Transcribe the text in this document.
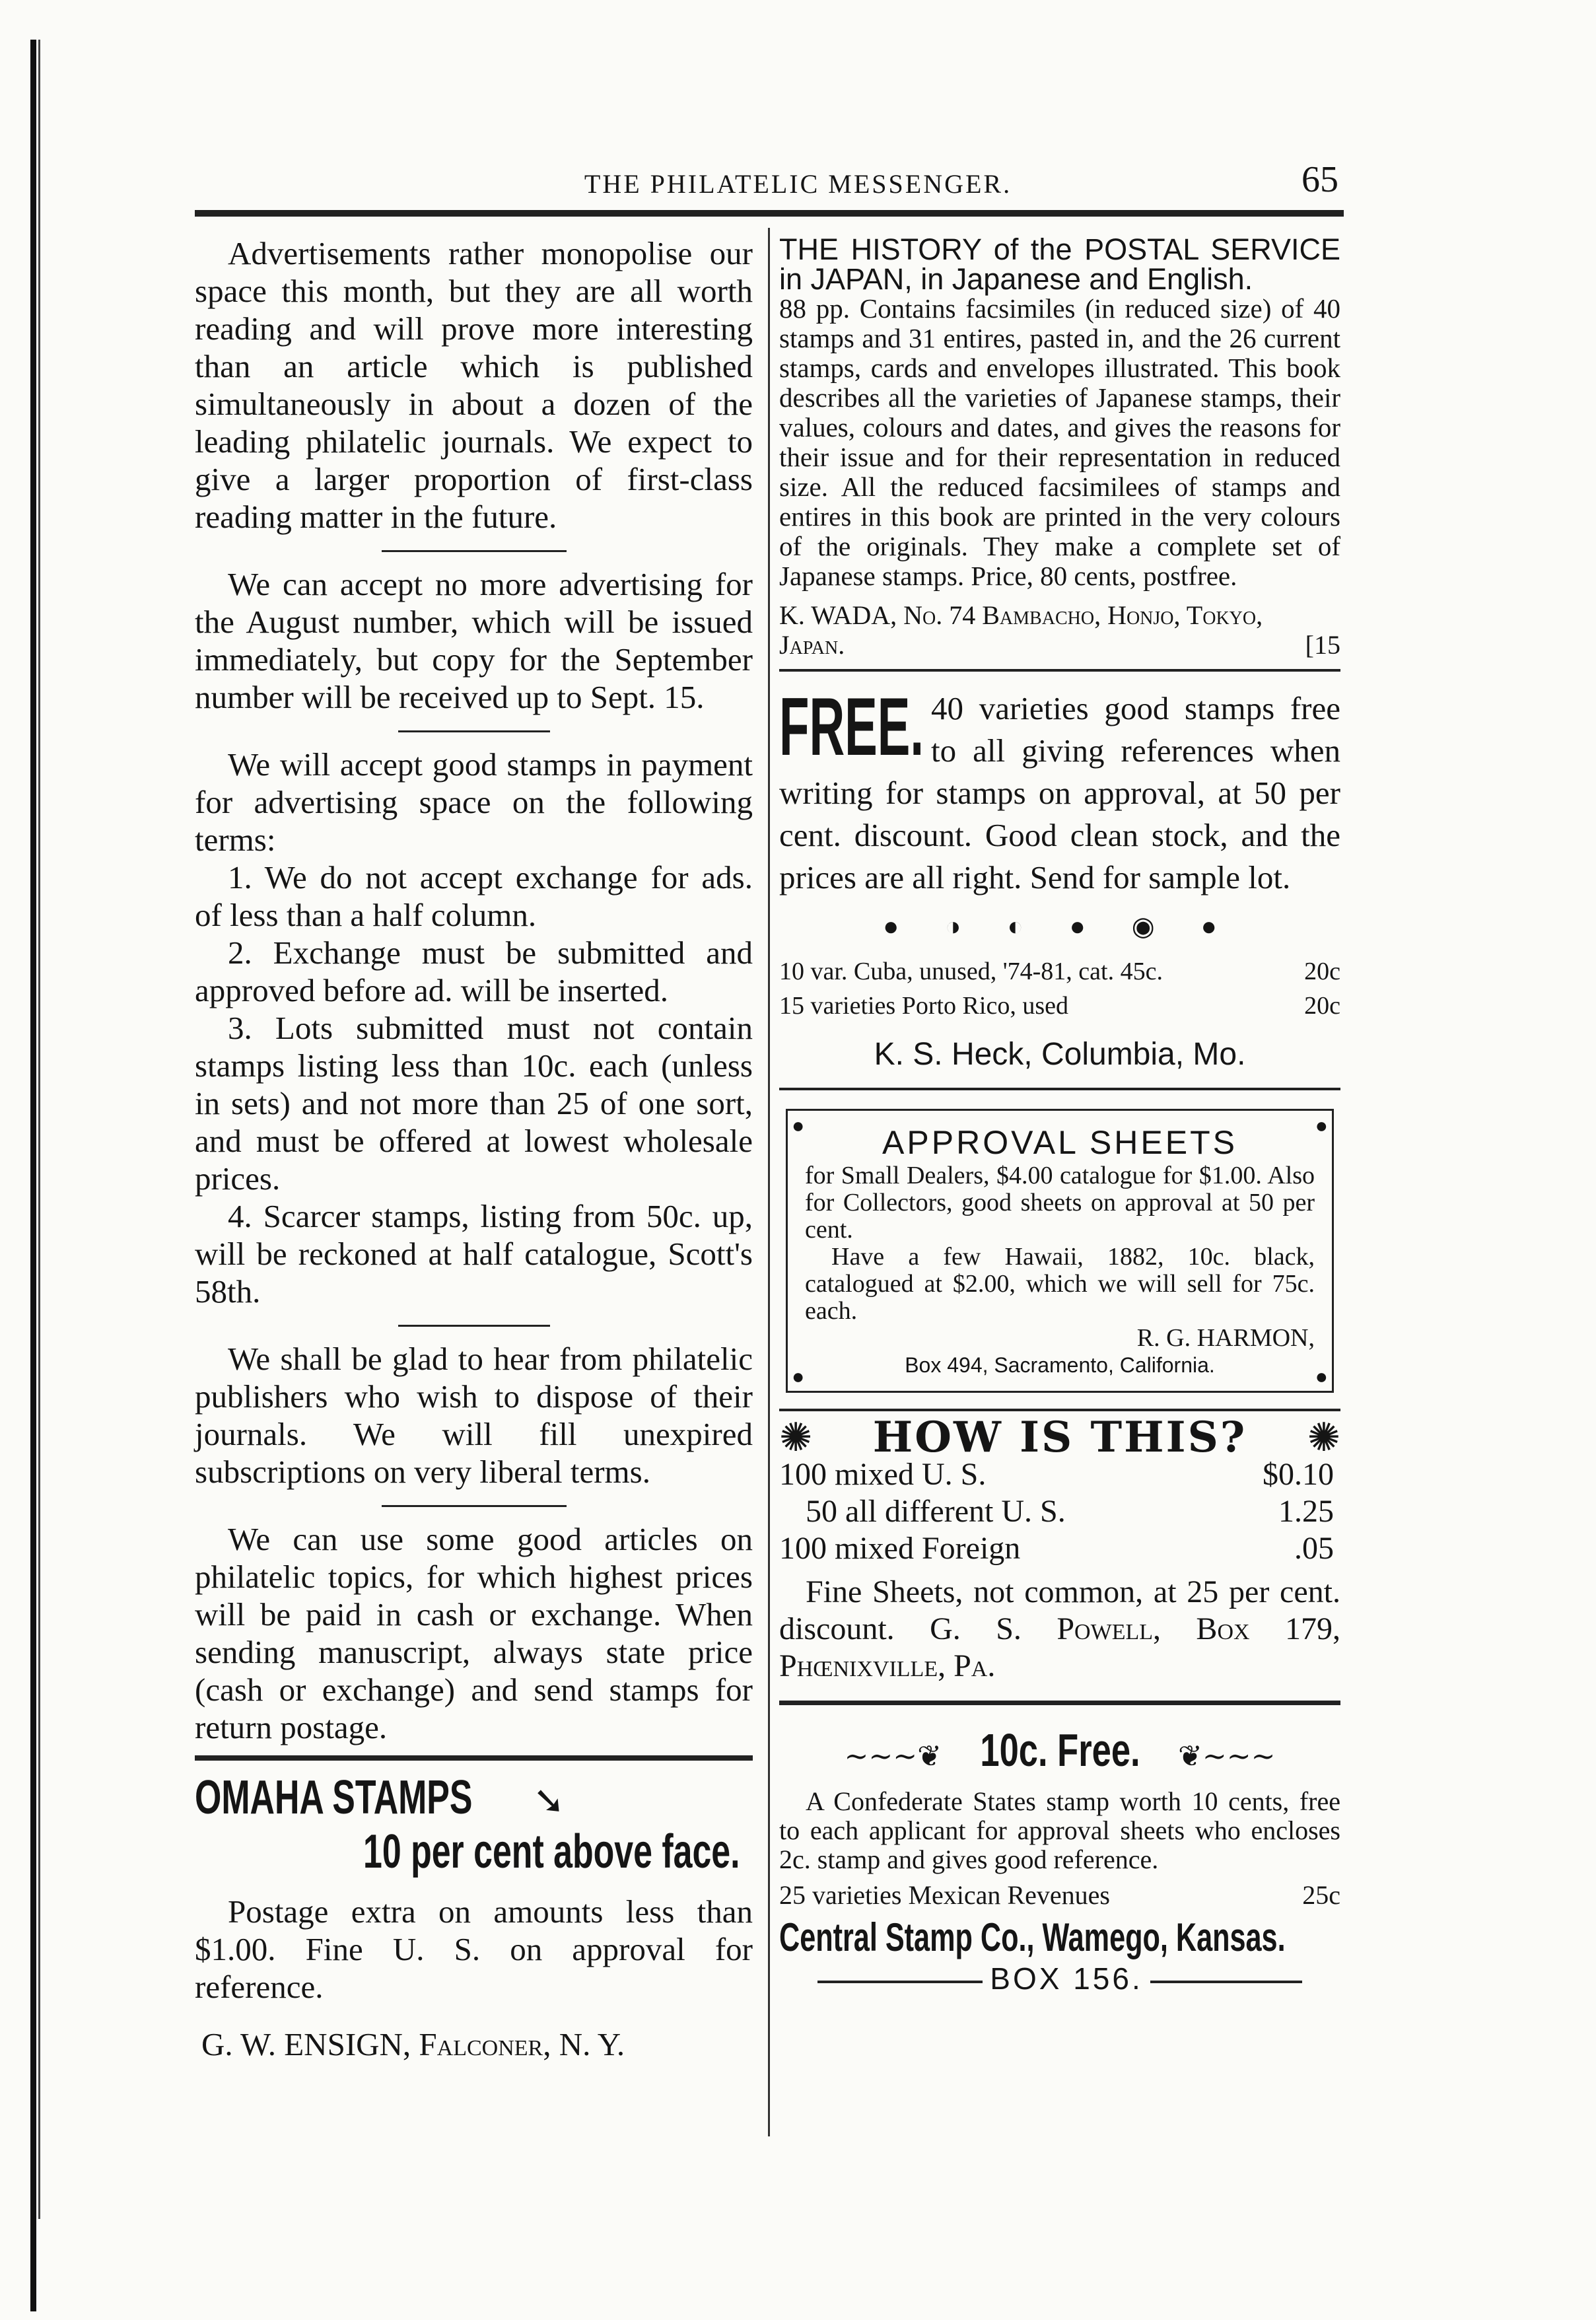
THE PHILATELIC MESSENGER.	65

Advertisements rather monopolise our space this month, but they are all worth reading and will prove more interesting than an article which is published simultaneously in about a dozen of the leading philatelic journals. We expect to give a larger proportion of first-class reading matter in the future.

We can accept no more advertising for the August number, which will be issued immediately, but copy for the September number will be received up to Sept. 15.

We will accept good stamps in payment for advertising space on the following terms:

1. We do not accept exchange for ads. of less than a half column.

2. Exchange must be submitted and approved before ad. will be inserted.

3. Lots submitted must not contain stamps listing less than 10c. each (unless in sets) and not more than 25 of one sort, and must be offered at lowest wholesale prices.

4. Scarcer stamps, listing from 50c. up, will be reckoned at half catalogue, Scott's 58th.

We shall be glad to hear from philatelic publishers who wish to dispose of their journals. We will fill unexpired subscriptions on very liberal terms.

We can use some good articles on philatelic topics, for which highest prices will be paid in cash or exchange. When sending manuscript, always state price (cash or exchange) and send stamps for return postage.

OMAHA STAMPS ➘
10 per cent above face.

Postage extra on amounts less than $1.00. Fine U. S. on approval for reference.

G. W. ENSIGN, Falconer, N. Y.

THE HISTORY of the POSTAL SERVICE in JAPAN, in Japanese and English.

88 pp. Contains facsimiles (in reduced size) of 40 stamps and 31 entires, pasted in, and the 26 current stamps, cards and envelopes illustrated. This book describes all the varieties of Japanese stamps, their values, colours and dates, and gives the reasons for their issue and for their representation in reduced size. All the reduced facsimilees of stamps and entires in this book are printed in the very colours of the originals. They make a complete set of Japanese stamps. Price, 80 cents, postfree.

K. WADA, No. 74 Bambacho, Honjo, Tokyo, Japan.	[15
FREE. 40 varieties good stamps free to all giving references when writing for stamps on approval, at 50 per cent. discount. Good clean stock, and the prices are all right. Send for sample lot.

● ◑ ◐ ● ◉ ●
10 var. Cuba, unused, '74-81, cat. 45c.	20c
15 varieties Porto Rico, used	20c
K. S. Heck, Columbia, Mo.
●	●
●	●
APPROVAL SHEETS

for Small Dealers, $4.00 catalogue for $1.00. Also for Collectors, good sheets on approval at 50 per cent.

Have a few Hawaii, 1882, 10c. black, catalogued at $2.00, which we will sell for 75c. each.

R. G. HARMON,
Box 494, Sacramento, California.
✺ HOW IS THIS? ✺
100 mixed U. S.	$0.10
50 all different U. S.	1.25
100 mixed Foreign	.05

Fine Sheets, not common, at 25 per cent. discount. G. S. Powell, Box 179, Phœnixville, Pa.

∼∼∼❦ 10c. Free. ❦∼∼∼

A Confederate States stamp worth 10 cents, free to each applicant for approval sheets who encloses 2c. stamp and gives good reference.

25 varieties Mexican Revenues	25c
Central Stamp Co., Wamego, Kansas.
BOX 156.
